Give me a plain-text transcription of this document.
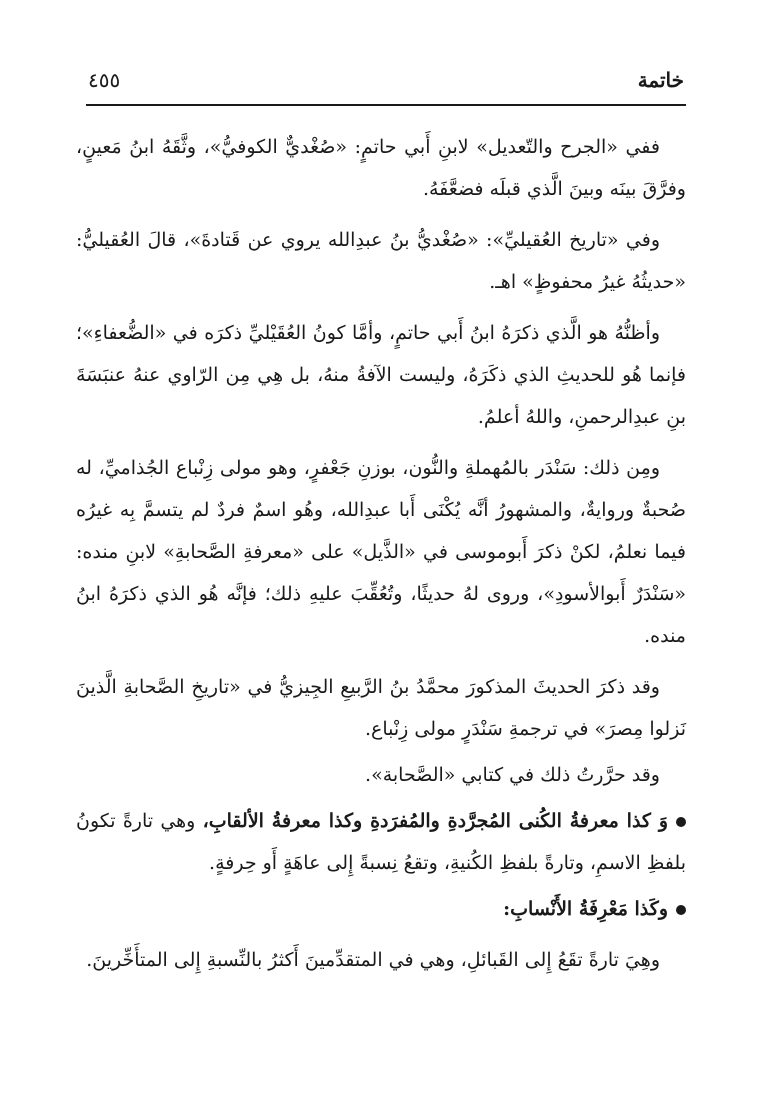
خاتمة
٤٥٥

ففي «الجرح والتّعديل» لابنِ أَبي حاتمٍ: «صُغْديٌّ الكوفيُّ»، وثَّقَهُ ابنُ مَعينٍ، وفرَّقَ بينَه وبينَ الَّذي قبلَه فضعَّفَهُ.

وفي «تاريخ العُقيليِّ»: «صُغْديُّ بنُ عبدِالله يروي عن قَتادةَ»، قالَ العُقيليُّ: «حديثُهُ غيرُ محفوظٍ» اهـ.

وأظنُّهُ هو الَّذي ذكرَهُ ابنُ أَبي حاتمٍ، وأمَّا كونُ العُقَيْليِّ ذكرَه في «الضُّعفاءِ»؛ فإنما هُو للحديثِ الذي ذكَرَهُ، وليست الآفةُ منهُ، بل هِي مِن الرّاوي عنهُ عنبَسَةَ بنِ عبدِالرحمنِ، واللهُ أعلمُ.

ومِن ذلك: سَنْدَر بالمُهملةِ والنُّون، بوزنِ جَعْفرٍ، وهو مولى زِنْباع الجُذاميِّ، له صُحبةٌ وروايةٌ، والمشهورُ أنَّه يُكْنَى أَبا عبدِالله، وهُو اسمٌ فردٌ لم يتسمَّ بِه غيرُه فيما نعلمُ، لكنْ ذكرَ أَبوموسى في «الذَّيل» على «معرفةِ الصَّحابةِ» لابنِ منده: «سَنْدَرٌ أَبوالأسودِ»، وروى لهُ حديثًا، وتُعُقِّبَ عليهِ ذلك؛ فإنَّه هُو الذي ذكرَهُ ابنُ منده.

وقد ذكرَ الحديثَ المذكورَ محمَّدُ بنُ الرَّبيعِ الجِيزيُّ في «تاريخِ الصَّحابةِ الَّذينَ نَزلوا مِصرَ» في ترجمةِ سَنْدَرٍ مولى زِنْباع.

وقد حرَّرتُ ذلك في كتابي «الصَّحابة».

وَ كذا معرفةُ الكُنى المُجرَّدةِ والمُفرَدةِ وكذا معرفةُ الألقابِ، وهي تارةً تكونُ بلفظِ الاسمِ، وتارةً بلفظِ الكُنيةِ، وتقعُ نِسبةً إِلى عاهَةٍ أَو حِرفةٍ.

وكَذا مَعْرِفَةُ الأَنْسابِ:

وهِيَ تارةً تقَعُ إِلى القَبائلِ، وهي في المتقدِّمينَ أَكثرُ بالنِّسبةِ إِلى المتأَخِّرينَ.
